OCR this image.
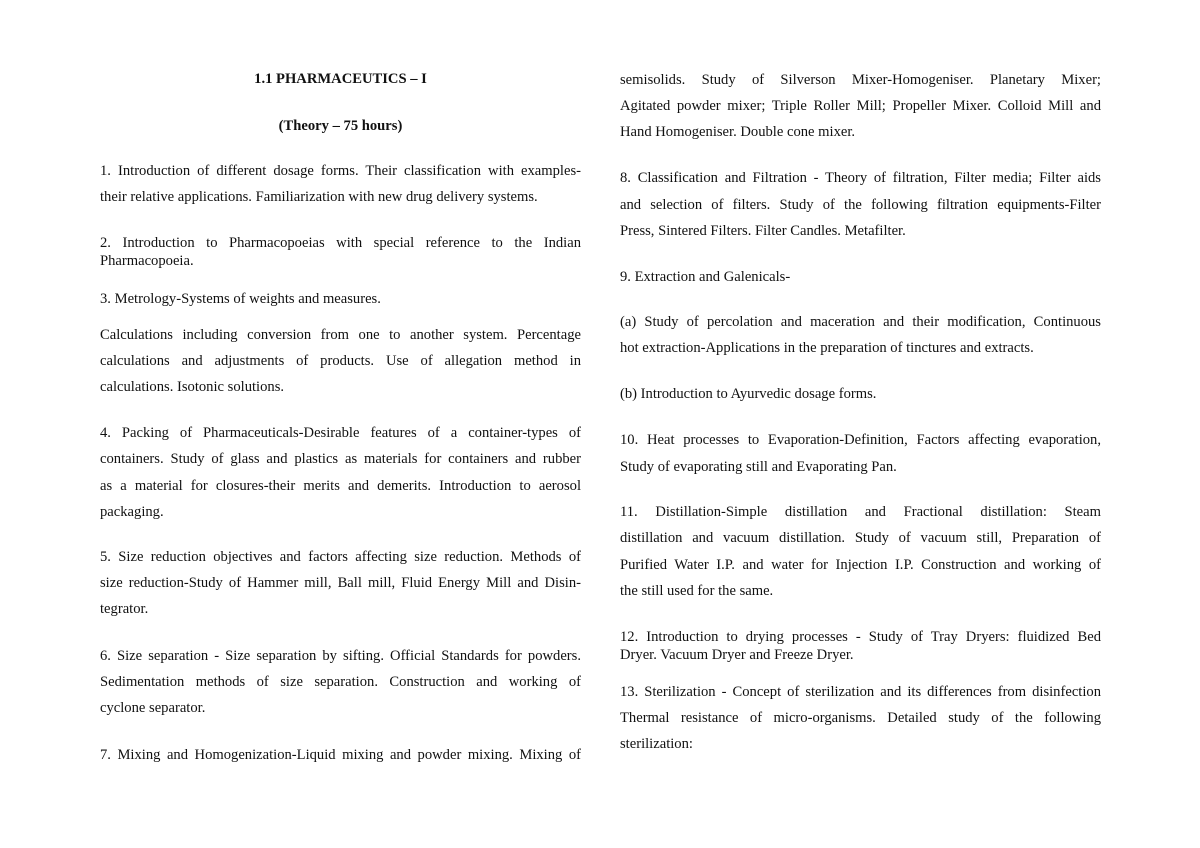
1.1 PHARMACEUTICS – I
(Theory – 75 hours)
1. Introduction of different dosage forms. Their classification with examples-
their relative applications. Familiarization with new drug delivery systems.
2. Introduction to Pharmacopoeias with special reference to the Indian
Pharmacopoeia.
3. Metrology-Systems of weights and measures.
Calculations including conversion from one to another system. Percentage
calculations and adjustments of products. Use of allegation method in
calculations. Isotonic solutions.
4. Packing of Pharmaceuticals-Desirable features of a container-types of
containers. Study of glass and plastics as materials for containers and rubber
as a material for closures-their merits and demerits. Introduction to aerosol
packaging.
5. Size reduction objectives and factors affecting size reduction. Methods of
size reduction-Study of Hammer mill, Ball mill, Fluid Energy Mill and Disin-
tegrator.
6. Size separation - Size separation by sifting. Official Standards for powders.
Sedimentation methods of size separation. Construction and working of
cyclone separator.
7. Mixing and Homogenization-Liquid mixing and powder mixing. Mixing of
semisolids. Study of Silverson Mixer-Homogeniser. Planetary Mixer;
Agitated powder mixer; Triple Roller Mill; Propeller Mixer. Colloid Mill and
Hand Homogeniser. Double cone mixer.
8. Classification and Filtration - Theory of filtration, Filter media; Filter aids
and selection of filters. Study of the following filtration equipments-Filter
Press, Sintered Filters. Filter Candles. Metafilter.
9. Extraction and Galenicals-
(a) Study of percolation and maceration and their modification, Continuous
hot extraction-Applications in the preparation of tinctures and extracts.
(b) Introduction to Ayurvedic dosage forms.
10. Heat processes to Evaporation-Definition, Factors affecting evaporation,
Study of evaporating still and Evaporating Pan.
11. Distillation-Simple distillation and Fractional distillation: Steam
distillation and vacuum distillation. Study of vacuum still, Preparation of
Purified Water I.P. and water for Injection I.P. Construction and working of
the still used for the same.
12. Introduction to drying processes - Study of Tray Dryers: fluidized Bed
Dryer. Vacuum Dryer and Freeze Dryer.
13. Sterilization - Concept of sterilization and its differences from disinfection
Thermal resistance of micro-organisms. Detailed study of the following
sterilization:
